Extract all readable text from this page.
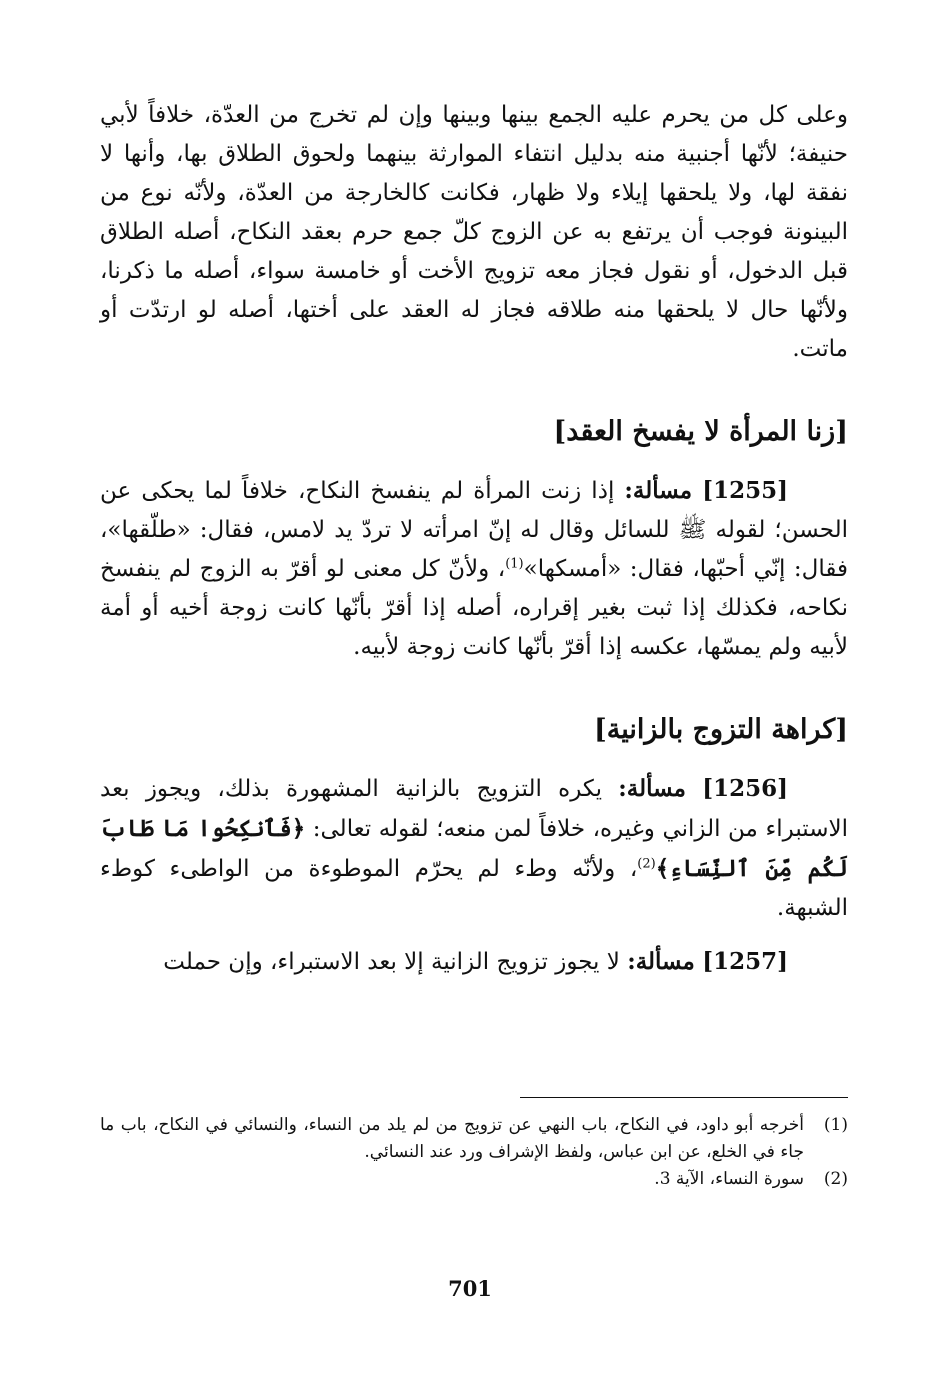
وعلى كل من يحرم عليه الجمع بينها وبينها وإن لم تخرج من العدّة، خلافاً لأبي حنيفة؛ لأنّها أجنبية منه بدليل انتفاء الموارثة بينهما ولحوق الطلاق بها، وأنها لا نفقة لها، ولا يلحقها إيلاء ولا ظهار، فكانت كالخارجة من العدّة، ولأنّه نوع من البينونة فوجب أن يرتفع به عن الزوج كلّ جمع حرم بعقد النكاح، أصله الطلاق قبل الدخول، أو نقول فجاز معه تزويج الأخت أو خامسة سواء، أصله ما ذكرنا، ولأنّها حال لا يلحقها منه طلاقه فجاز له العقد على أختها، أصله لو ارتدّت أو ماتت.

[زنا المرأة لا يفسخ العقد]

[1255] مسألة: إذا زنت المرأة لم ينفسخ النكاح، خلافاً لما يحكى عن الحسن؛ لقوله ﷺ للسائل وقال له إنّ امرأته لا تردّ يد لامس، فقال: «طلّقها»، فقال: إنّي أحبّها، فقال: «أمسكها»$^{(1)}$، ولأنّ كل معنى لو أقرّ به الزوج لم ينفسخ نكاحه، فكذلك إذا ثبت بغير إقراره، أصله إذا أقرّ بأنّها كانت زوجة أخيه أو أمة لأبيه ولم يمسّها، عكسه إذا أقرّ بأنّها كانت زوجة لأبيه.

[كراهة التزوج بالزانية]

[1256] مسألة: يكره التزويج بالزانية المشهورة بذلك، ويجوز بعد الاستبراء من الزاني وغيره، خلافاً لمن منعه؛ لقوله تعالى: ﴿فَٱنكِحُوا مَا طَابَ لَكُم مِّنَ ٱلنِّسَاءِ﴾$^{(2)}$، ولأنّه وطء لم يحرّم الموطوءة من الواطىء كوطء الشبهة.

[1257] مسألة: لا يجوز تزويج الزانية إلا بعد الاستبراء، وإن حملت

(1)
أخرجه أبو داود، في النكاح، باب النهي عن تزويج من لم يلد من النساء، والنسائي في النكاح، باب ما جاء في الخلع، عن ابن عباس، ولفظ الإشراف ورد عند النسائي.
(2)
سورة النساء، الآية 3.
701
